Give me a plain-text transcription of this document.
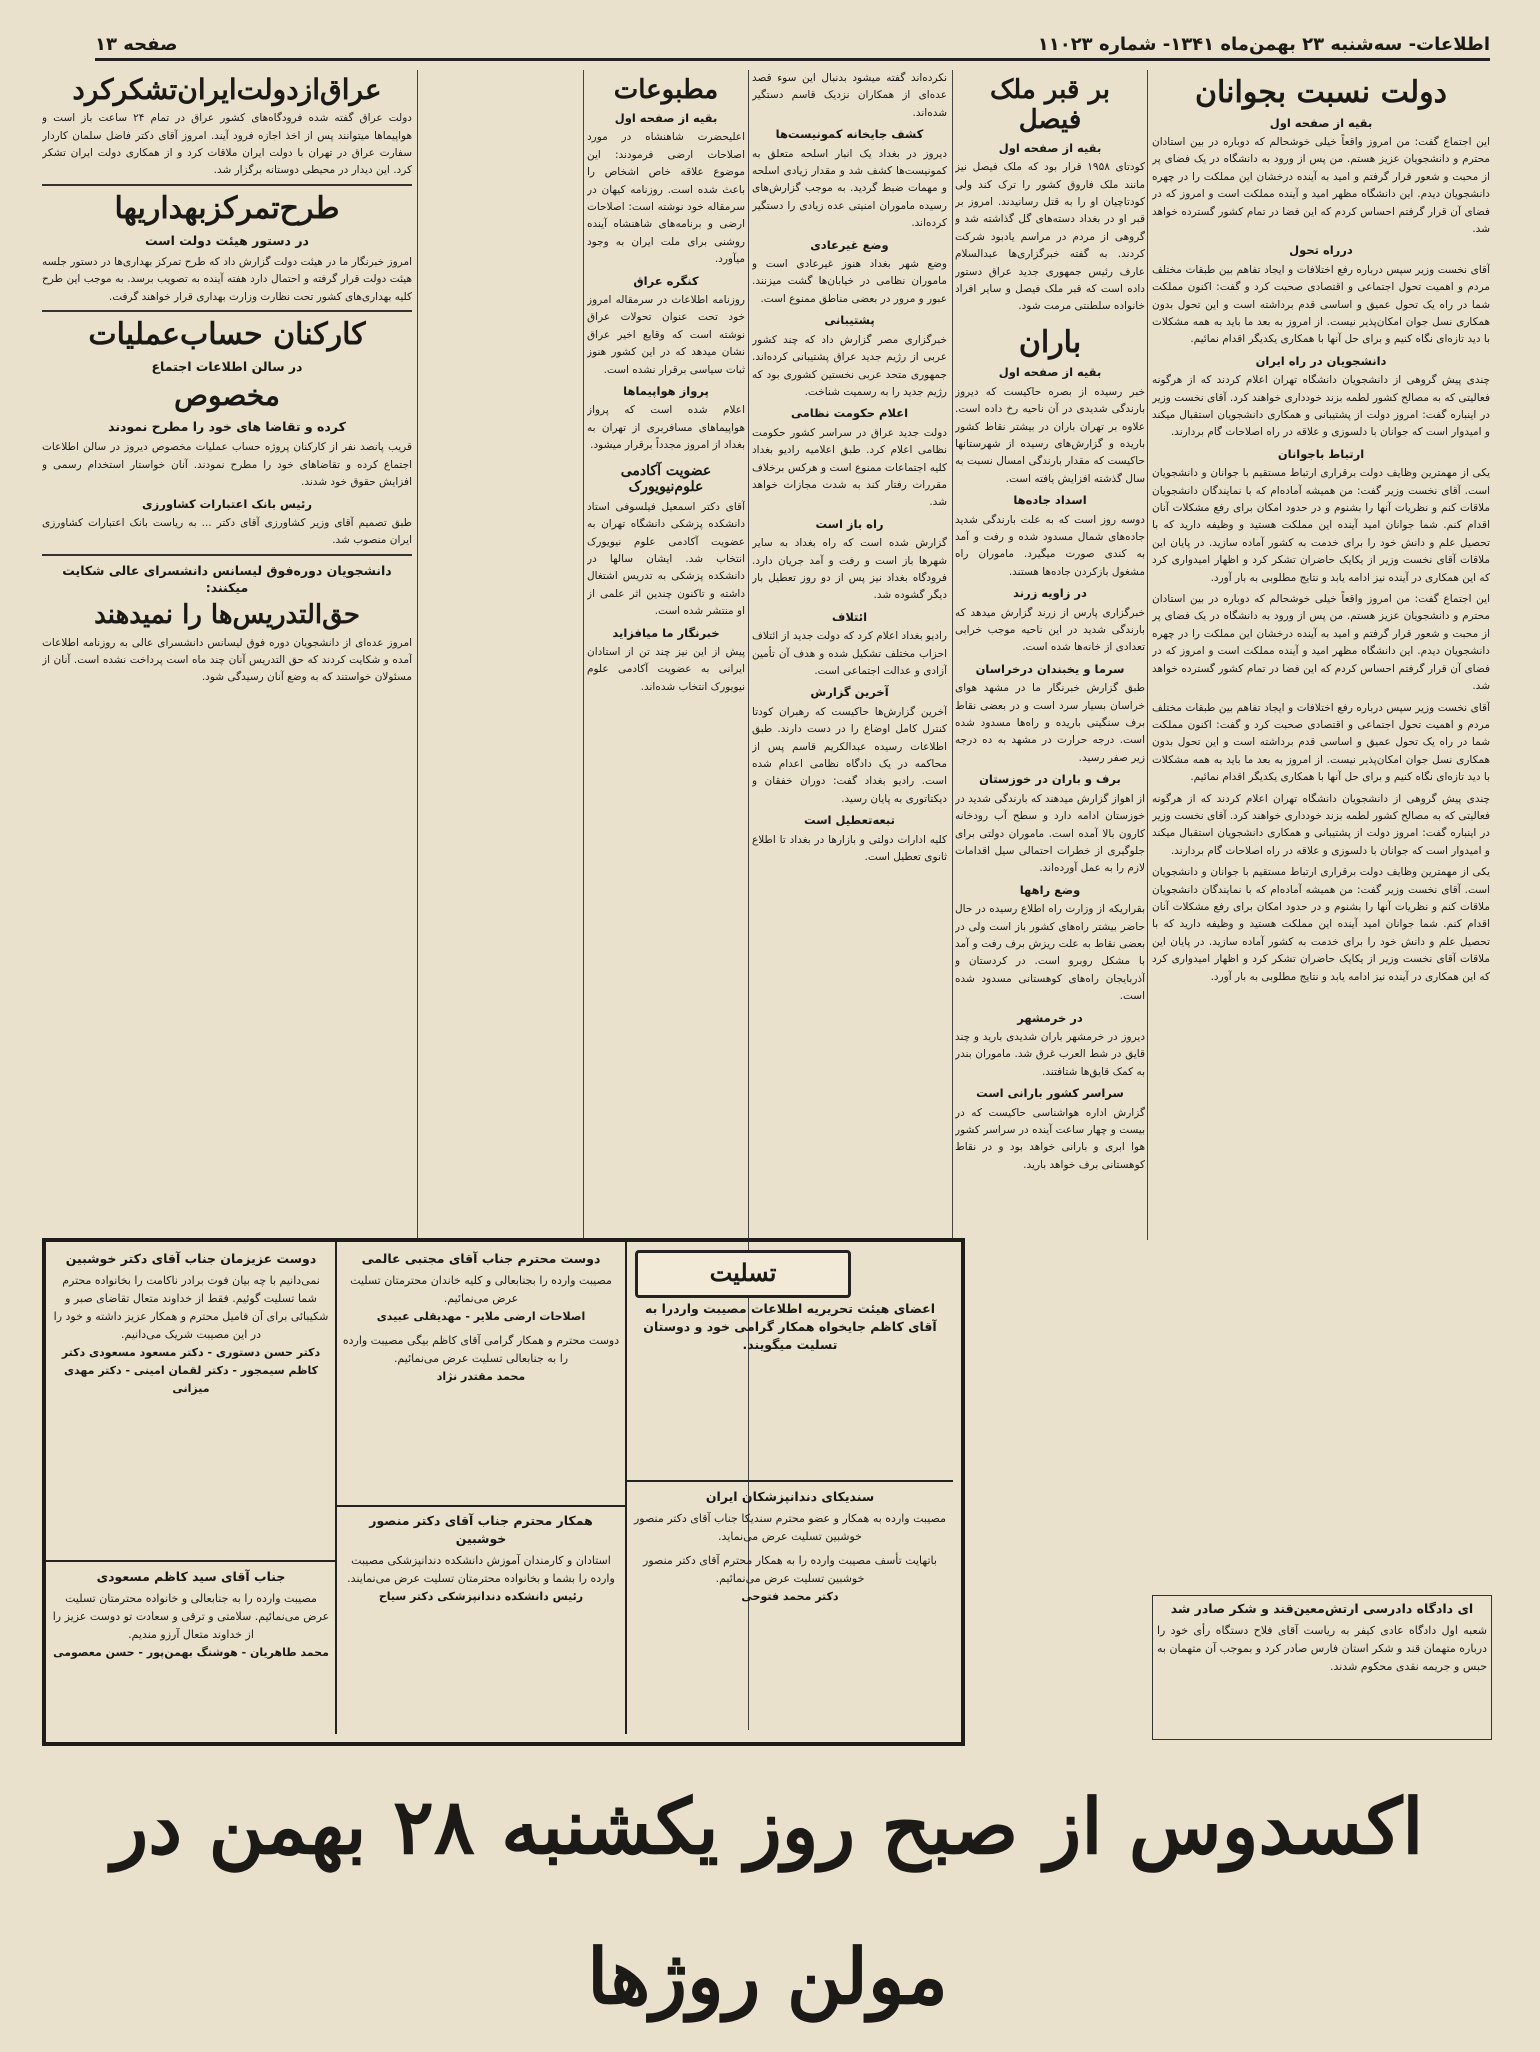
اطلاعات- سه‌شنبه ۲۳ بهمن‌ماه ۱۳۴۱- شماره ۱۱۰۲۳
صفحه ۱۳
دولت نسبت بجوانان
بقیه از صفحه اول

این اجتماع گفت: من امروز واقعاً خیلی خوشحالم که دوباره در بین استادان محترم و دانشجویان عزیز هستم. من پس از ورود به دانشگاه در یک فضای پر از محبت و شعور قرار گرفتم و امید به آینده درخشان این مملکت را در چهره دانشجویان دیدم. این دانشگاه مظهر امید و آینده مملکت است و امروز که در فضای آن قرار گرفتم احساس کردم که این فضا در تمام کشور گسترده خواهد شد.

درراه تحول

آقای نخست وزیر سپس درباره رفع اختلافات و ایجاد تفاهم بین طبقات مختلف مردم و اهمیت تحول اجتماعی و اقتصادی صحبت کرد و گفت: اکنون مملکت شما در راه یک تحول عمیق و اساسی قدم برداشته است و این تحول بدون همکاری نسل جوان امکان‌پذیر نیست. از امروز به بعد ما باید به همه مشکلات با دید تازه‌ای نگاه کنیم و برای حل آنها با همکاری یکدیگر اقدام نمائیم.

دانشجویان در راه ایران

چندی پیش گروهی از دانشجویان دانشگاه تهران اعلام کردند که از هرگونه فعالیتی که به مصالح کشور لطمه بزند خودداری خواهند کرد. آقای نخست وزیر در اینباره گفت: امروز دولت از پشتیبانی و همکاری دانشجویان استقبال میکند و امیدوار است که جوانان با دلسوزی و علاقه در راه اصلاحات گام بردارند.

ارتباط باجوانان

یکی از مهمترین وظایف دولت برقراری ارتباط مستقیم با جوانان و دانشجویان است. آقای نخست وزیر گفت: من همیشه آماده‌ام که با نمایندگان دانشجویان ملاقات کنم و نظریات آنها را بشنوم و در حدود امکان برای رفع مشکلات آنان اقدام کنم. شما جوانان امید آینده این مملکت هستید و وظیفه دارید که با تحصیل علم و دانش خود را برای خدمت به کشور آماده سازید. در پایان این ملاقات آقای نخست وزیر از یکایک حاضران تشکر کرد و اظهار امیدواری کرد که این همکاری در آینده نیز ادامه یابد و نتایج مطلوبی به بار آورد.

این اجتماع گفت: من امروز واقعاً خیلی خوشحالم که دوباره در بین استادان محترم و دانشجویان عزیز هستم. من پس از ورود به دانشگاه در یک فضای پر از محبت و شعور قرار گرفتم و امید به آینده درخشان این مملکت را در چهره دانشجویان دیدم. این دانشگاه مظهر امید و آینده مملکت است و امروز که در فضای آن قرار گرفتم احساس کردم که این فضا در تمام کشور گسترده خواهد شد.

آقای نخست وزیر سپس درباره رفع اختلافات و ایجاد تفاهم بین طبقات مختلف مردم و اهمیت تحول اجتماعی و اقتصادی صحبت کرد و گفت: اکنون مملکت شما در راه یک تحول عمیق و اساسی قدم برداشته است و این تحول بدون همکاری نسل جوان امکان‌پذیر نیست. از امروز به بعد ما باید به همه مشکلات با دید تازه‌ای نگاه کنیم و برای حل آنها با همکاری یکدیگر اقدام نمائیم.

چندی پیش گروهی از دانشجویان دانشگاه تهران اعلام کردند که از هرگونه فعالیتی که به مصالح کشور لطمه بزند خودداری خواهند کرد. آقای نخست وزیر در اینباره گفت: امروز دولت از پشتیبانی و همکاری دانشجویان استقبال میکند و امیدوار است که جوانان با دلسوزی و علاقه در راه اصلاحات گام بردارند.

یکی از مهمترین وظایف دولت برقراری ارتباط مستقیم با جوانان و دانشجویان است. آقای نخست وزیر گفت: من همیشه آماده‌ام که با نمایندگان دانشجویان ملاقات کنم و نظریات آنها را بشنوم و در حدود امکان برای رفع مشکلات آنان اقدام کنم. شما جوانان امید آینده این مملکت هستید و وظیفه دارید که با تحصیل علم و دانش خود را برای خدمت به کشور آماده سازید. در پایان این ملاقات آقای نخست وزیر از یکایک حاضران تشکر کرد و اظهار امیدواری کرد که این همکاری در آینده نیز ادامه یابد و نتایج مطلوبی به بار آورد.

بر قبر ملک فیصل
بقیه از صفحه اول

کودتای ۱۹۵۸ قرار بود که ملک فیصل نیز مانند ملک فاروق کشور را ترک کند ولی کودتاچیان او را به قتل رسانیدند. امروز بر قبر او در بغداد دسته‌های گل گذاشته شد و گروهی از مردم در مراسم یادبود شرکت کردند. به گفته خبرگزاری‌ها عبدالسلام عارف رئیس جمهوری جدید عراق دستور داده است که قبر ملک فیصل و سایر افراد خانواده سلطنتی مرمت شود.

باران
بقیه از صفحه اول

خبر رسیده از بصره حاکیست که دیروز بارندگی شدیدی در آن ناحیه رخ داده است. علاوه بر تهران باران در بیشتر نقاط کشور باریده و گزارش‌های رسیده از شهرستانها حاکیست که مقدار بارندگی امسال نسبت به سال گذشته افزایش یافته است.

اسداد جاده‌ها

دوسه روز است که به علت بارندگی شدید جاده‌های شمال مسدود شده و رفت و آمد به کندی صورت میگیرد. ماموران راه مشغول بازکردن جاده‌ها هستند.

در زاویه زرند

خبرگزاری پارس از زرند گزارش میدهد که بارندگی شدید در این ناحیه موجب خرابی تعدادی از خانه‌ها شده است.

سرما و یخبندان درخراسان

طبق گزارش خبرنگار ما در مشهد هوای خراسان بسیار سرد است و در بعضی نقاط برف سنگینی باریده و راه‌ها مسدود شده است. درجه حرارت در مشهد به ده درجه زیر صفر رسید.

برف و باران در خوزستان

از اهواز گزارش میدهند که بارندگی شدید در خوزستان ادامه دارد و سطح آب رودخانه کارون بالا آمده است. ماموران دولتی برای جلوگیری از خطرات احتمالی سیل اقدامات لازم را به عمل آورده‌اند.

وضع راهها

بقراریکه از وزارت راه اطلاع رسیده در حال حاضر بیشتر راه‌های کشور باز است ولی در بعضی نقاط به علت ریزش برف رفت و آمد با مشکل روبرو است. در کردستان و آذربایجان راه‌های کوهستانی مسدود شده است.

در خرمشهر

دیروز در خرمشهر باران شدیدی بارید و چند قایق در شط العرب غرق شد. ماموران بندر به کمک قایق‌ها شتافتند.

سراسر کشور بارانی است

گزارش اداره هواشناسی حاکیست که در بیست و چهار ساعت آینده در سراسر کشور هوا ابری و بارانی خواهد بود و در نقاط کوهستانی برف خواهد بارید.

نکرده‌اند گفته میشود بدنبال این سوء قصد عده‌ای از همکاران نزدیک قاسم دستگیر شده‌اند.

کشف جایخانه کمونیست‌ها

دیروز در بغداد یک انبار اسلحه متعلق به کمونیست‌ها کشف شد و مقدار زیادی اسلحه و مهمات ضبط گردید. به موجب گزارش‌های رسیده ماموران امنیتی عده زیادی را دستگیر کرده‌اند.

وضع غیرعادی

وضع شهر بغداد هنوز غیرعادی است و ماموران نظامی در خیابان‌ها گشت میزنند. عبور و مرور در بعضی مناطق ممنوع است.

پشتیبانی

خبرگزاری مصر گزارش داد که چند کشور عربی از رژیم جدید عراق پشتیبانی کرده‌اند. جمهوری متحد عربی نخستین کشوری بود که رژیم جدید را به رسمیت شناخت.

اعلام حکومت نظامی

دولت جدید عراق در سراسر کشور حکومت نظامی اعلام کرد. طبق اعلامیه رادیو بغداد کلیه اجتماعات ممنوع است و هرکس برخلاف مقررات رفتار کند به شدت مجازات خواهد شد.

راه باز است

گزارش شده است که راه بغداد به سایر شهرها باز است و رفت و آمد جریان دارد. فرودگاه بغداد نیز پس از دو روز تعطیل بار دیگر گشوده شد.

ائتلاف

رادیو بغداد اعلام کرد که دولت جدید از ائتلاف احزاب مختلف تشکیل شده و هدف آن تأمین آزادی و عدالت اجتماعی است.

آخرین گزارش

آخرین گزارش‌ها حاکیست که رهبران کودتا کنترل کامل اوضاع را در دست دارند. طبق اطلاعات رسیده عبدالکریم قاسم پس از محاکمه در یک دادگاه نظامی اعدام شده است. رادیو بغداد گفت: دوران خفقان و دیکتاتوری به پایان رسید.

تبعه‌تعطیل است

کلیه ادارات دولتی و بازارها در بغداد تا اطلاع ثانوی تعطیل است.

مطبوعات
بقیه از صفحه اول

اعلیحضرت شاهنشاه در مورد اصلاحات ارضی فرمودند: این موضوع علاقه خاص اشخاص را باعث شده است. روزنامه کیهان در سرمقاله خود نوشته است: اصلاحات ارضی و برنامه‌های شاهنشاه آینده روشنی برای ملت ایران به وجود میآورد.

کنگره عراق

روزنامه اطلاعات در سرمقاله امروز خود تحت عنوان تحولات عراق نوشته است که وقایع اخیر عراق نشان میدهد که در این کشور هنوز ثبات سیاسی برقرار نشده است.

پرواز هواپیماها

اعلام شده است که پرواز هواپیماهای مسافربری از تهران به بغداد از امروز مجدداً برقرار میشود.

عضویت آکادمی علوم‌نیویورک

آقای دکتر اسمعیل فیلسوفی استاد دانشکده پزشکی دانشگاه تهران به عضویت آکادمی علوم نیویورک انتخاب شد. ایشان سالها در دانشکده پزشکی به تدریس اشتغال داشته و تاکنون چندین اثر علمی از او منتشر شده است.

خبرنگار ما میافزاید

پیش از این نیز چند تن از استادان ایرانی به عضویت آکادمی علوم نیویورک انتخاب شده‌اند.

عراق‌ازدولت‌ایران‌تشکرکرد

دولت عراق گفته شده فرودگاه‌های کشور عراق در تمام ۲۴ ساعت باز است و هواپیماها میتوانند پس از اخذ اجازه فرود آیند. امروز آقای دکتر فاضل سلمان کاردار سفارت عراق در تهران با دولت ایران ملاقات کرد و از همکاری دولت ایران تشکر کرد. این دیدار در محیطی دوستانه برگزار شد.

طرح‌تمرکزبهداریها
در دستور هیئت دولت است

امروز خبرنگار ما در هیئت دولت گزارش داد که طرح تمرکز بهداری‌ها در دستور جلسه هیئت دولت قرار گرفته و احتمال دارد هفته آینده به تصویب برسد. به موجب این طرح کلیه بهداری‌های کشور تحت نظارت وزارت بهداری قرار خواهند گرفت.

کارکنان حساب‌عملیات
در سالن اطلاعات اجتماع
مخصوص
کرده و تقاضا های خود را مطرح نمودند

قریب پانصد نفر از کارکنان پروژه حساب عملیات مخصوص دیروز در سالن اطلاعات اجتماع کرده و تقاضاهای خود را مطرح نمودند. آنان خواستار استخدام رسمی و افزایش حقوق خود شدند.

رئیس بانک اعتبارات کشاورزی

طبق تصمیم آقای وزیر کشاورزی آقای دکتر ... به ریاست بانک اعتبارات کشاورزی ایران منصوب شد.

دانشجویان دوره‌فوق لیسانس دانشسرای عالی شکایت میکنند:
حق‌التدریس‌ها را نمیدهند

امروز عده‌ای از دانشجویان دوره فوق لیسانس دانشسرای عالی به روزنامه اطلاعات آمده و شکایت کردند که حق التدریس آنان چند ماه است پرداخت نشده است. آنان از مسئولان خواستند که به وضع آنان رسیدگی شود.

دوست عزیزمان جناب آقای دکتر خوشبین
نمی‌دانیم با چه بیان فوت برادر ناکامت را بخانواده محترم شما تسلیت گوئیم. فقط از خداوند متعال تقاضای صبر و شکیبائی برای آن فامیل محترم و همکار عزیز داشته و خود را در این مصیبت شریک می‌دانیم.
دکتر حسن دستوری - دکتر مسعود مسعودی دکتر کاظم سیمجور - دکتر لقمان امینی - دکتر مهدی میزانی
جناب آقای سید کاظم مسعودی
مصیبت وارده را به جنابعالی و خانواده محترمتان تسلیت عرض می‌نمائیم. سلامتی و ترقی و سعادت تو دوست عزیز را از خداوند متعال آرزو مندیم.
محمد طاهریان - هوشنگ بهمن‌پور - حسن معصومی
دوست محترم جناب آقای مجتبی عالمی
مصیبت وارده را بجنابعالی و کلیه خاندان محترمتان تسلیت عرض می‌نمائیم.
اصلاحات ارضی ملایر - مهدیقلی عبیدی
دوست محترم و همکار گرامی آقای کاظم بیگی مصیبت وارده را به جنابعالی تسلیت عرض می‌نمائیم.
محمد مقتدر نژاد
همکار محترم جناب آقای دکتر منصور خوشبین
استادان و کارمندان آموزش دانشکده دندانپزشکی مصیبت وارده را بشما و بخانواده محترمتان تسلیت عرض می‌نمایند.
رئیس دانشکده دندانپزشکی دکتر سیاح
تسلیت
اعضای هیئت تحریریه اطلاعات مصیبت واردرا به آقای کاظم جایخواه همکار گرامی خود و دوستان تسلیت میگویند.
سندیکای دندانپزشکان ایران
مصیبت وارده به همکار و عضو محترم سندیکا جناب آقای دکتر منصور خوشبین تسلیت عرض می‌نماید.
باتهایت تأسف مصیبت وارده را به همکار محترم آقای دکتر منصور خوشبین تسلیت عرض می‌نمائیم.
دکتر محمد فتوحی
ای دادگاه دادرسی ارتش‌معین‌قند و شکر صادر شد
شعبه اول دادگاه عادی کیفر به ریاست آقای فلاح دستگاه رأی خود را درباره متهمان قند و شکر استان فارس صادر کرد و بموجب آن متهمان به حبس و جریمه نقدی محکوم شدند.
اکسدوس از صبح روز یکشنبه ۲۸ بهمن در مولن روژها
